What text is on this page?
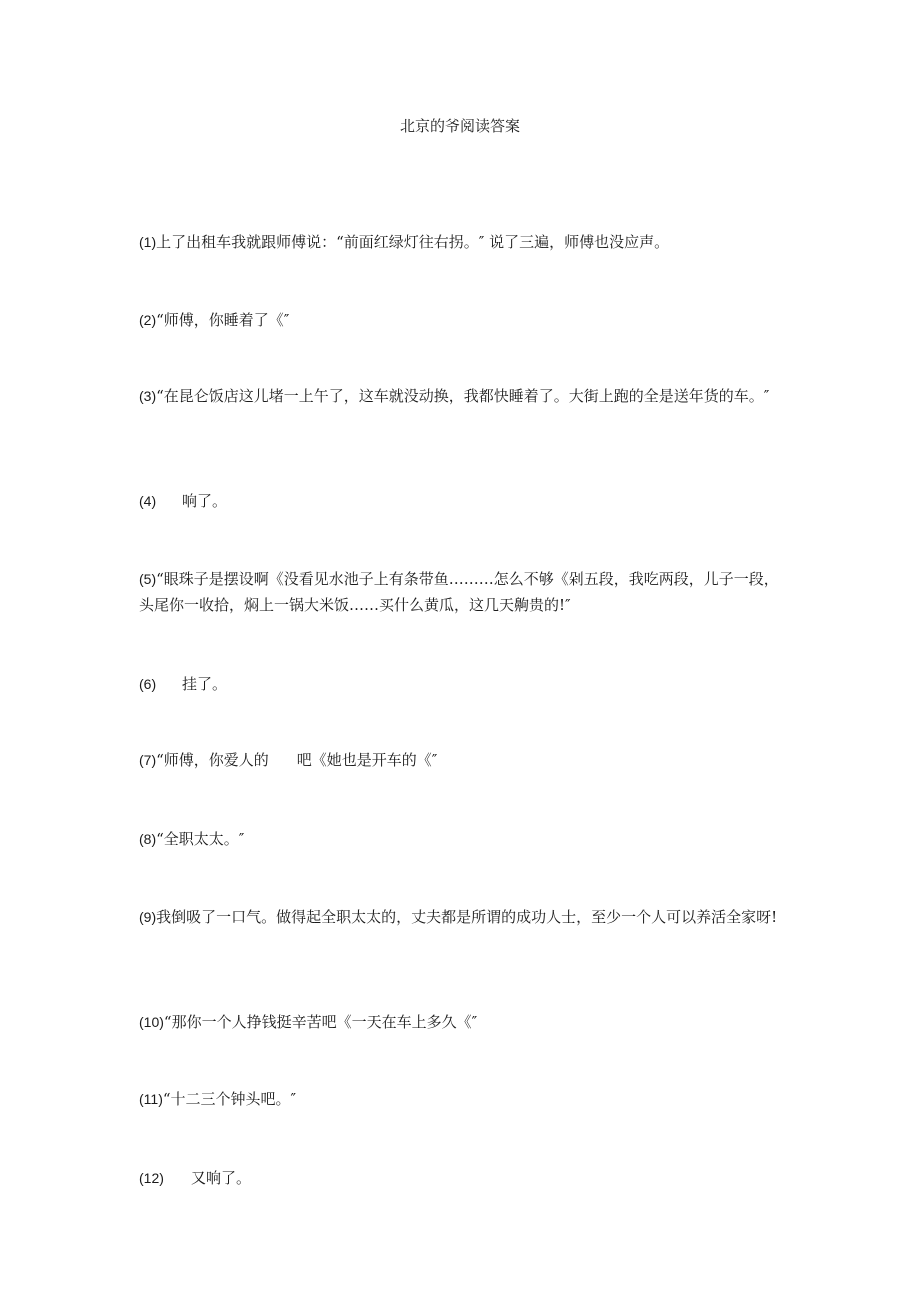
北京的爷阅读答案

(1)上了出租车我就跟师傅说：“前面红绿灯往右拐。″ 说了三遍，师傅也没应声。

(2)“师傅，你睡着了《″

(3)“在昆仑饭店这儿堵一上午了，这车就没动换，我都快睡着了。大街上跑的全是送年货的车。″

(4) 响了。

(5)“眼珠子是摆设啊《没看见水池子上有条带鱼………怎么不够《剁五段，我吃两段，儿子一段，头尾你一收拾，焖上一锅大米饭……买什么黄瓜，这几天齁贵的!″

(6) 挂了。

(7)“师傅，你爱人的 吧《她也是开车的《″

(8)“全职太太。″

(9)我倒吸了一口气。做得起全职太太的，丈夫都是所谓的成功人士，至少一个人可以养活全家呀!

(10)“那你一个人挣钱挺辛苦吧《一天在车上多久《″

(11)“十二三个钟头吧。″

(12) 又响了。
